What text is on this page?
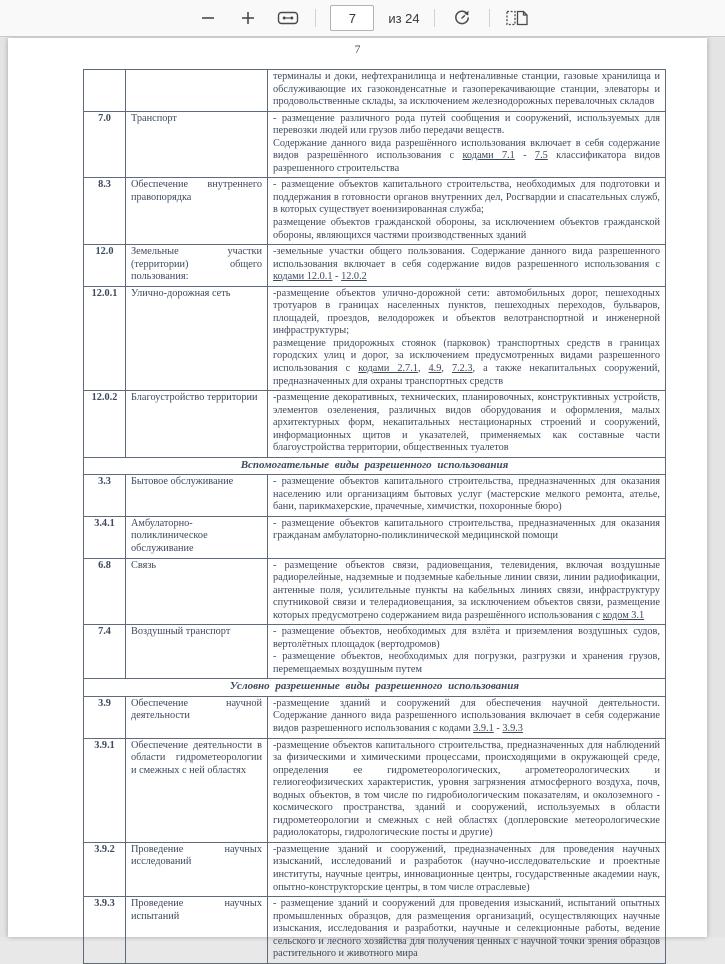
7
из 24
7

		терминалы и доки, нефтехранилища и нефтеналивные станции, газовые хранилища и обслуживающие их газоконденсатные и газоперекачивающие станции, элеваторы и продовольственные склады, за исключением железнодорожных перевалочных складов

7.0	Транспорт	- размещение различного рода путей сообщения и сооружений, используемых для перевозки людей или грузов либо передачи веществ.
Содержание данного вида разрешённого использования включает в себя содержание видов разрешённого использования с кодами 7.1 - 7.5 классификатора видов разрешенного строительства

8.3	Обеспечение внутреннего правопорядка	- размещение объектов капитального строительства, необходимых для подготовки и поддержания в готовности органов внутренних дел, Росгвардии и спасательных служб, в которых существует военизированная служба;
размещение объектов гражданской обороны, за исключением объектов гражданской обороны, являющихся частями производственных зданий

12.0	Земельные участки (территории) общего пользования:	-земельные участки общего пользования. Содержание данного вида разрешенного использования включает в себя содержание видов разрешенного использования с кодами 12.0.1 - 12.0.2

12.0.1	Улично-дорожная сеть	-размещение объектов улично-дорожной сети: автомобильных дорог, пешеходных тротуаров в границах населенных пунктов, пешеходных переходов, бульваров, площадей, проездов, велодорожек и объектов велотранспортной и инженерной инфраструктуры;
размещение придорожных стоянок (парковок) транспортных средств в границах городских улиц и дорог, за исключением предусмотренных видами разрешенного использования с кодами 2.7.1, 4.9, 7.2.3, а также некапитальных сооружений, предназначенных для охраны транспортных средств

12.0.2	Благоустройство территории	-размещение декоративных, технических, планировочных, конструктивных устройств, элементов озеленения, различных видов оборудования и оформления, малых архитектурных форм, некапитальных нестационарных строений и сооружений, информационных щитов и указателей, применяемых как составные части благоустройства территории, общественных туалетов

Вспомогательные виды разрешенного использования		
3.3	Бытовое обслуживание	- размещение объектов капитального строительства, предназначенных для оказания населению или организациям бытовых услуг (мастерские мелкого ремонта, ателье, бани, парикмахерские, прачечные, химчистки, похоронные бюро)

3.4.1	Амбулаторно-поликлиническое обслуживание	- размещение объектов капитального строительства, предназначенных для оказания гражданам амбулаторно-поликлинической медицинской помощи

6.8	Связь	- размещение объектов связи, радиовещания, телевидения, включая воздушные радиорелейные, надземные и подземные кабельные линии связи, линии радиофикации, антенные поля, усилительные пункты на кабельных линиях связи, инфраструктуру спутниковой связи и телерадиовещания, за исключением объектов связи, размещение которых предусмотрено содержанием вида разрешённого использования с кодом 3.1

7.4	Воздушный транспорт	- размещение объектов, необходимых для взлёта и приземления воздушных судов, вертолётных площадок (вертодромов)
- размещение объектов, необходимых для погрузки, разгрузки и хранения грузов, перемещаемых воздушным путем

Условно разрешенные виды разрешенного использования		
3.9	Обеспечение научной деятельности	-размещение зданий и сооружений для обеспечения научной деятельности. Содержание данного вида разрешенного использования включает в себя содержание видов разрешенного использования с кодами 3.9.1 - 3.9.3

3.9.1	Обеспечение деятельности в области гидрометеорологии и смежных с ней областях	-размещение объектов капитального строительства, предназначенных для наблюдений за физическими и химическими процессами, происходящими в окружающей среде, определения ее гидрометеорологических, агрометеорологических и гелиогеофизических характеристик, уровня загрязнения атмосферного воздуха, почв, водных объектов, в том числе по гидробиологическим показателям, и околоземного - космического пространства, зданий и сооружений, используемых в области гидрометеорологии и смежных с ней областях (доплеровские метеорологические радиолокаторы, гидрологические посты и другие)

3.9.2	Проведение научных исследований	-размещение зданий и сооружений, предназначенных для проведения научных изысканий, исследований и разработок (научно-исследовательские и проектные институты, научные центры, инновационные центры, государственные академии наук, опытно-конструкторские центры, в том числе отраслевые)

3.9.3	Проведение научных испытаний	- размещение зданий и сооружений для проведения изысканий, испытаний опытных промышленных образцов, для размещения организаций, осуществляющих научные изыскания, исследования и разработки, научные и селекционные работы, ведение сельского и лесного хозяйства для получения ценных с научной точки зрения образцов растительного и животного мира
